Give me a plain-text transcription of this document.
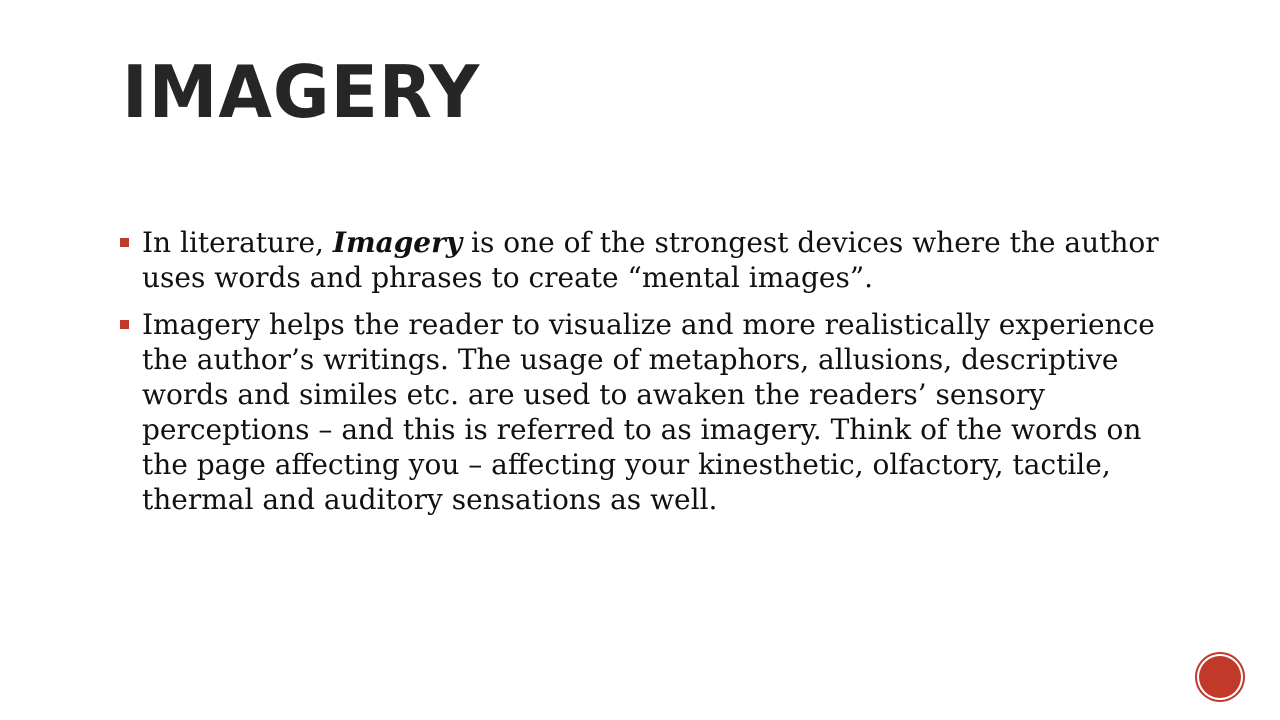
IMAGERY
In literature, Imagery is one of the strongest devices where the author uses words and phrases to create “mental images”.
Imagery helps the reader to visualize and more realistically experience the author’s writings. The usage of metaphors, allusions, descriptive words and similes etc. are used to awaken the readers’ sensory perceptions – and this is referred to as imagery. Think of the words on the page affecting you – affecting your kinesthetic, olfactory, tactile, thermal and auditory sensations as well.
